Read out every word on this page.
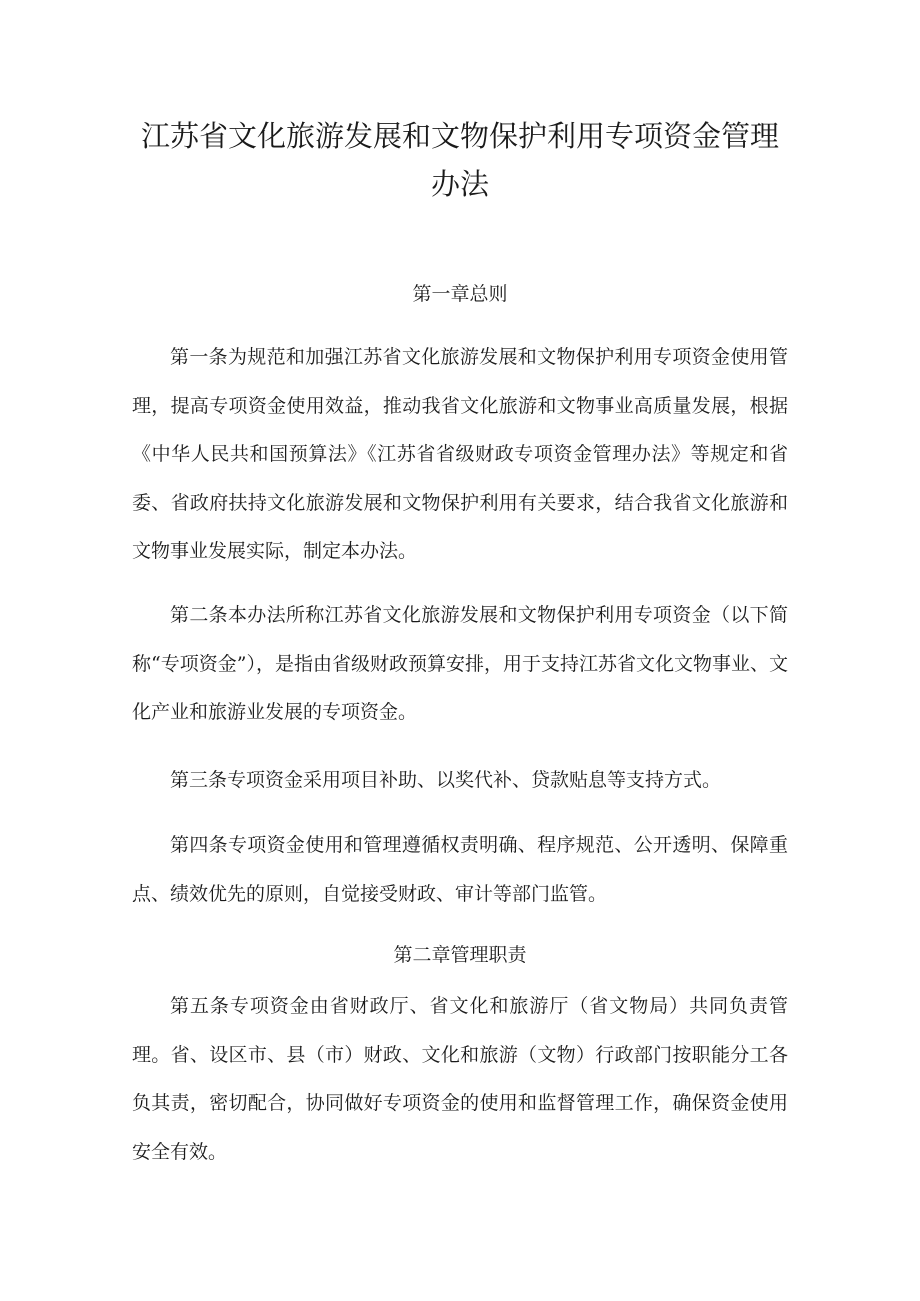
江苏省文化旅游发展和文物保护利用专项资金管理
办法
第一章总则

第一条为规范和加强江苏省文化旅游发展和文物保护利用专项资金使用管理，提高专项资金使用效益，推动我省文化旅游和文物事业高质量发展，根据《中华人民共和国预算法》《江苏省省级财政专项资金管理办法》等规定和省委、省政府扶持文化旅游发展和文物保护利用有关要求，结合我省文化旅游和文物事业发展实际，制定本办法。

第二条本办法所称江苏省文化旅游发展和文物保护利用专项资金（以下简称“专项资金”），是指由省级财政预算安排，用于支持江苏省文化文物事业、文化产业和旅游业发展的专项资金。

第三条专项资金采用项目补助、以奖代补、贷款贴息等支持方式。

第四条专项资金使用和管理遵循权责明确、程序规范、公开透明、保障重点、绩效优先的原则，自觉接受财政、审计等部门监管。

第二章管理职责

第五条专项资金由省财政厅、省文化和旅游厅（省文物局）共同负责管理。省、设区市、县（市）财政、文化和旅游（文物）行政部门按职能分工各负其责，密切配合，协同做好专项资金的使用和监督管理工作，确保资金使用安全有效。
